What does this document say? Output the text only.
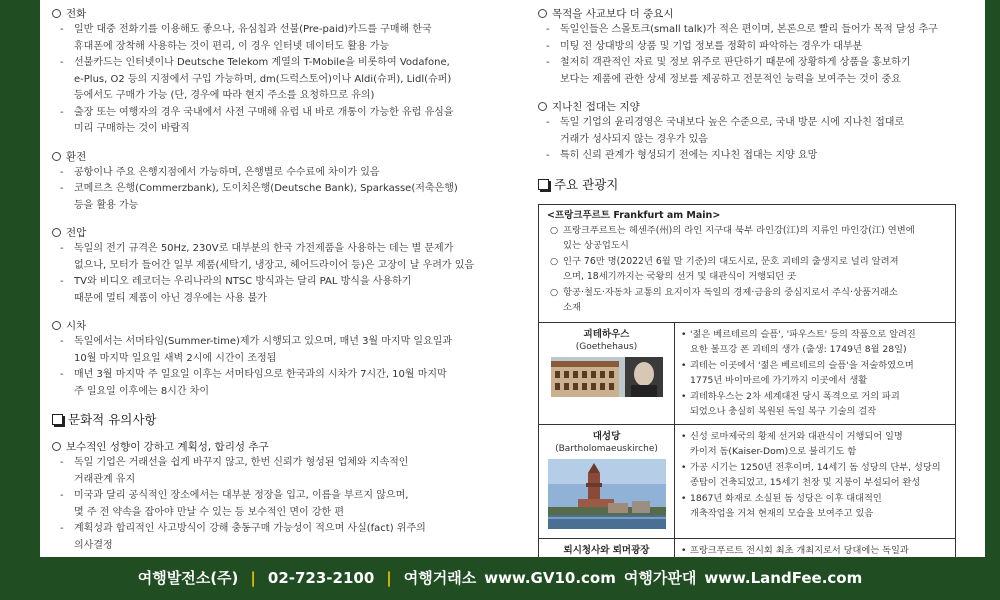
전화
- 일반 대중 전화기를 이용해도 좋으나, 유심칩과 선불(Pre-paid)카드를 구매해 한국
휴대폰에 장착해 사용하는 것이 편리, 이 경우 인터넷 데이터도 활용 가능
- 선불카드는 인터넷이나 Deutsche Telekom 계열의 T-Mobile을 비롯하여 Vodafone,
e-Plus, O2 등의 지점에서 구입 가능하며, dm(드럭스토어)이나 Aldi(슈퍼), Lidl(슈퍼)
등에서도 구매가 가능 (단, 경우에 따라 현지 주소를 요청하므로 유의)
- 출장 또는 여행자의 경우 국내에서 사전 구매해 유럽 내 바로 개통이 가능한 유럽 유심을
미리 구매하는 것이 바람직
환전
- 공항이나 주요 은행지점에서 가능하며, 은행별로 수수료에 차이가 있음
- 코메르츠 은행(Commerzbank), 도이치은행(Deutsche Bank), Sparkasse(저축은행)
등을 활용 가능
전압
- 독일의 전기 규격은 50Hz, 230V로 대부분의 한국 가전제품을 사용하는 데는 별 문제가
없으나, 모터가 들어간 일부 제품(세탁기, 냉장고, 헤어드라이어 등)은 고장이 날 우려가 있음
- TV와 비디오 레코더는 우리나라의 NTSC 방식과는 달리 PAL 방식을 사용하기
때문에 멀티 제품이 아닌 경우에는 사용 불가
시차
- 독일에서는 서머타임(Summer-time)제가 시행되고 있으며, 매년 3월 마지막 일요일과
10월 마지막 일요일 새벽 2시에 시간이 조정됨
- 매년 3월 마지막 주 일요일 이후는 서머타임으로 한국과의 시차가 7시간, 10월 마지막
주 일요일 이후에는 8시간 차이
문화적 유의사항
보수적인 성향이 강하고 계획성, 합리성 추구
- 독일 기업은 거래선을 쉽게 바꾸지 않고, 한번 신뢰가 형성된 업체와 지속적인
거래관계 유지
- 미국과 달리 공식적인 장소에서는 대부분 정장을 입고, 이름을 부르지 않으며,
몇 주 전 약속을 잡아야 만날 수 있는 등 보수적인 면이 강한 편
- 계획성과 합리적인 사고방식이 강해 충동구매 가능성이 적으며 사실(fact) 위주의
의사결정
목적을 사교보다 더 중요시
- 독일인들은 스몰토크(small talk)가 적은 편이며, 본론으로 빨리 들어가 목적 달성 추구
- 미팅 전 상대방의 상품 및 기업 정보를 정확히 파악하는 경우가 대부분
- 철저히 객관적인 자료 및 정보 위주로 판단하기 때문에 장황하게 상품을 홍보하기
보다는 제품에 관한 상세 정보를 제공하고 전문적인 능력을 보여주는 것이 중요
지나친 접대는 지양
- 독일 기업의 윤리경영은 국내보다 높은 수준으로, 국내 방문 시에 지나친 접대로
거래가 성사되지 않는 경우가 있음
- 특히 신뢰 관계가 형성되기 전에는 지나친 접대는 지양 요망
주요 관광지
<프랑크푸르트 Frankfurt am Main>
○ 프랑크푸르트는 헤센주(州)의 라인 지구대 북부 라인강(江)의 지류인 마인강(江) 연변에
있는 상공업도시
○ 인구 76만 명(2022년 6월 말 기준)의 대도시로, 문호 괴테의 출생지로 널리 알려져
으며, 18세기까지는 국왕의 선거 및 대관식이 거행되던 곳
○ 항공·철도·자동차 교통의 요지이자 독일의 경제·금융의 중심지로서 주식·상품거래소
소재
괴테하우스
(Goethehaus)
• '젊은 베르테르의 슬픔', '파우스트' 등의 작품으로 알려진
요한 볼프강 폰 괴테의 생가 (출생: 1749년 8월 28일)
• 괴테는 이곳에서 '젊은 베르테르의 슬픔'을 저술하였으며
1775년 바이마르에 가기까지 이곳에서 생활
• 괴테하우스는 2차 세계대전 당시 폭격으로 거의 파괴
되었으나 충실히 복원된 독일 복구 기술의 걸작
대성당
(Bartholomaeuskirche)
• 신성 로마제국의 황제 선거와 대관식이 거행되어 일명
카이저 돔(Kaiser-Dom)으로 불리기도 함
• 가공 시기는 1250년 전후이며, 14세기 돔 성당의 단부, 성당의
종탑이 건축되었고, 15세기 천장 및 지붕이 부설되어 완성
• 1867년 화재로 소실된 돔 성당은 이후 대대적인
개축작업을 거쳐 현재의 모습을 보여주고 있음
뢰시청사와 뢰머광장	• 프랑크푸르트 전시회 최초 개최지로서 당대에는 독일과
여행발전소(주) | 02-723-2100 | 여행거래소 www.GV10.com 여행가판대 www.LandFee.com
